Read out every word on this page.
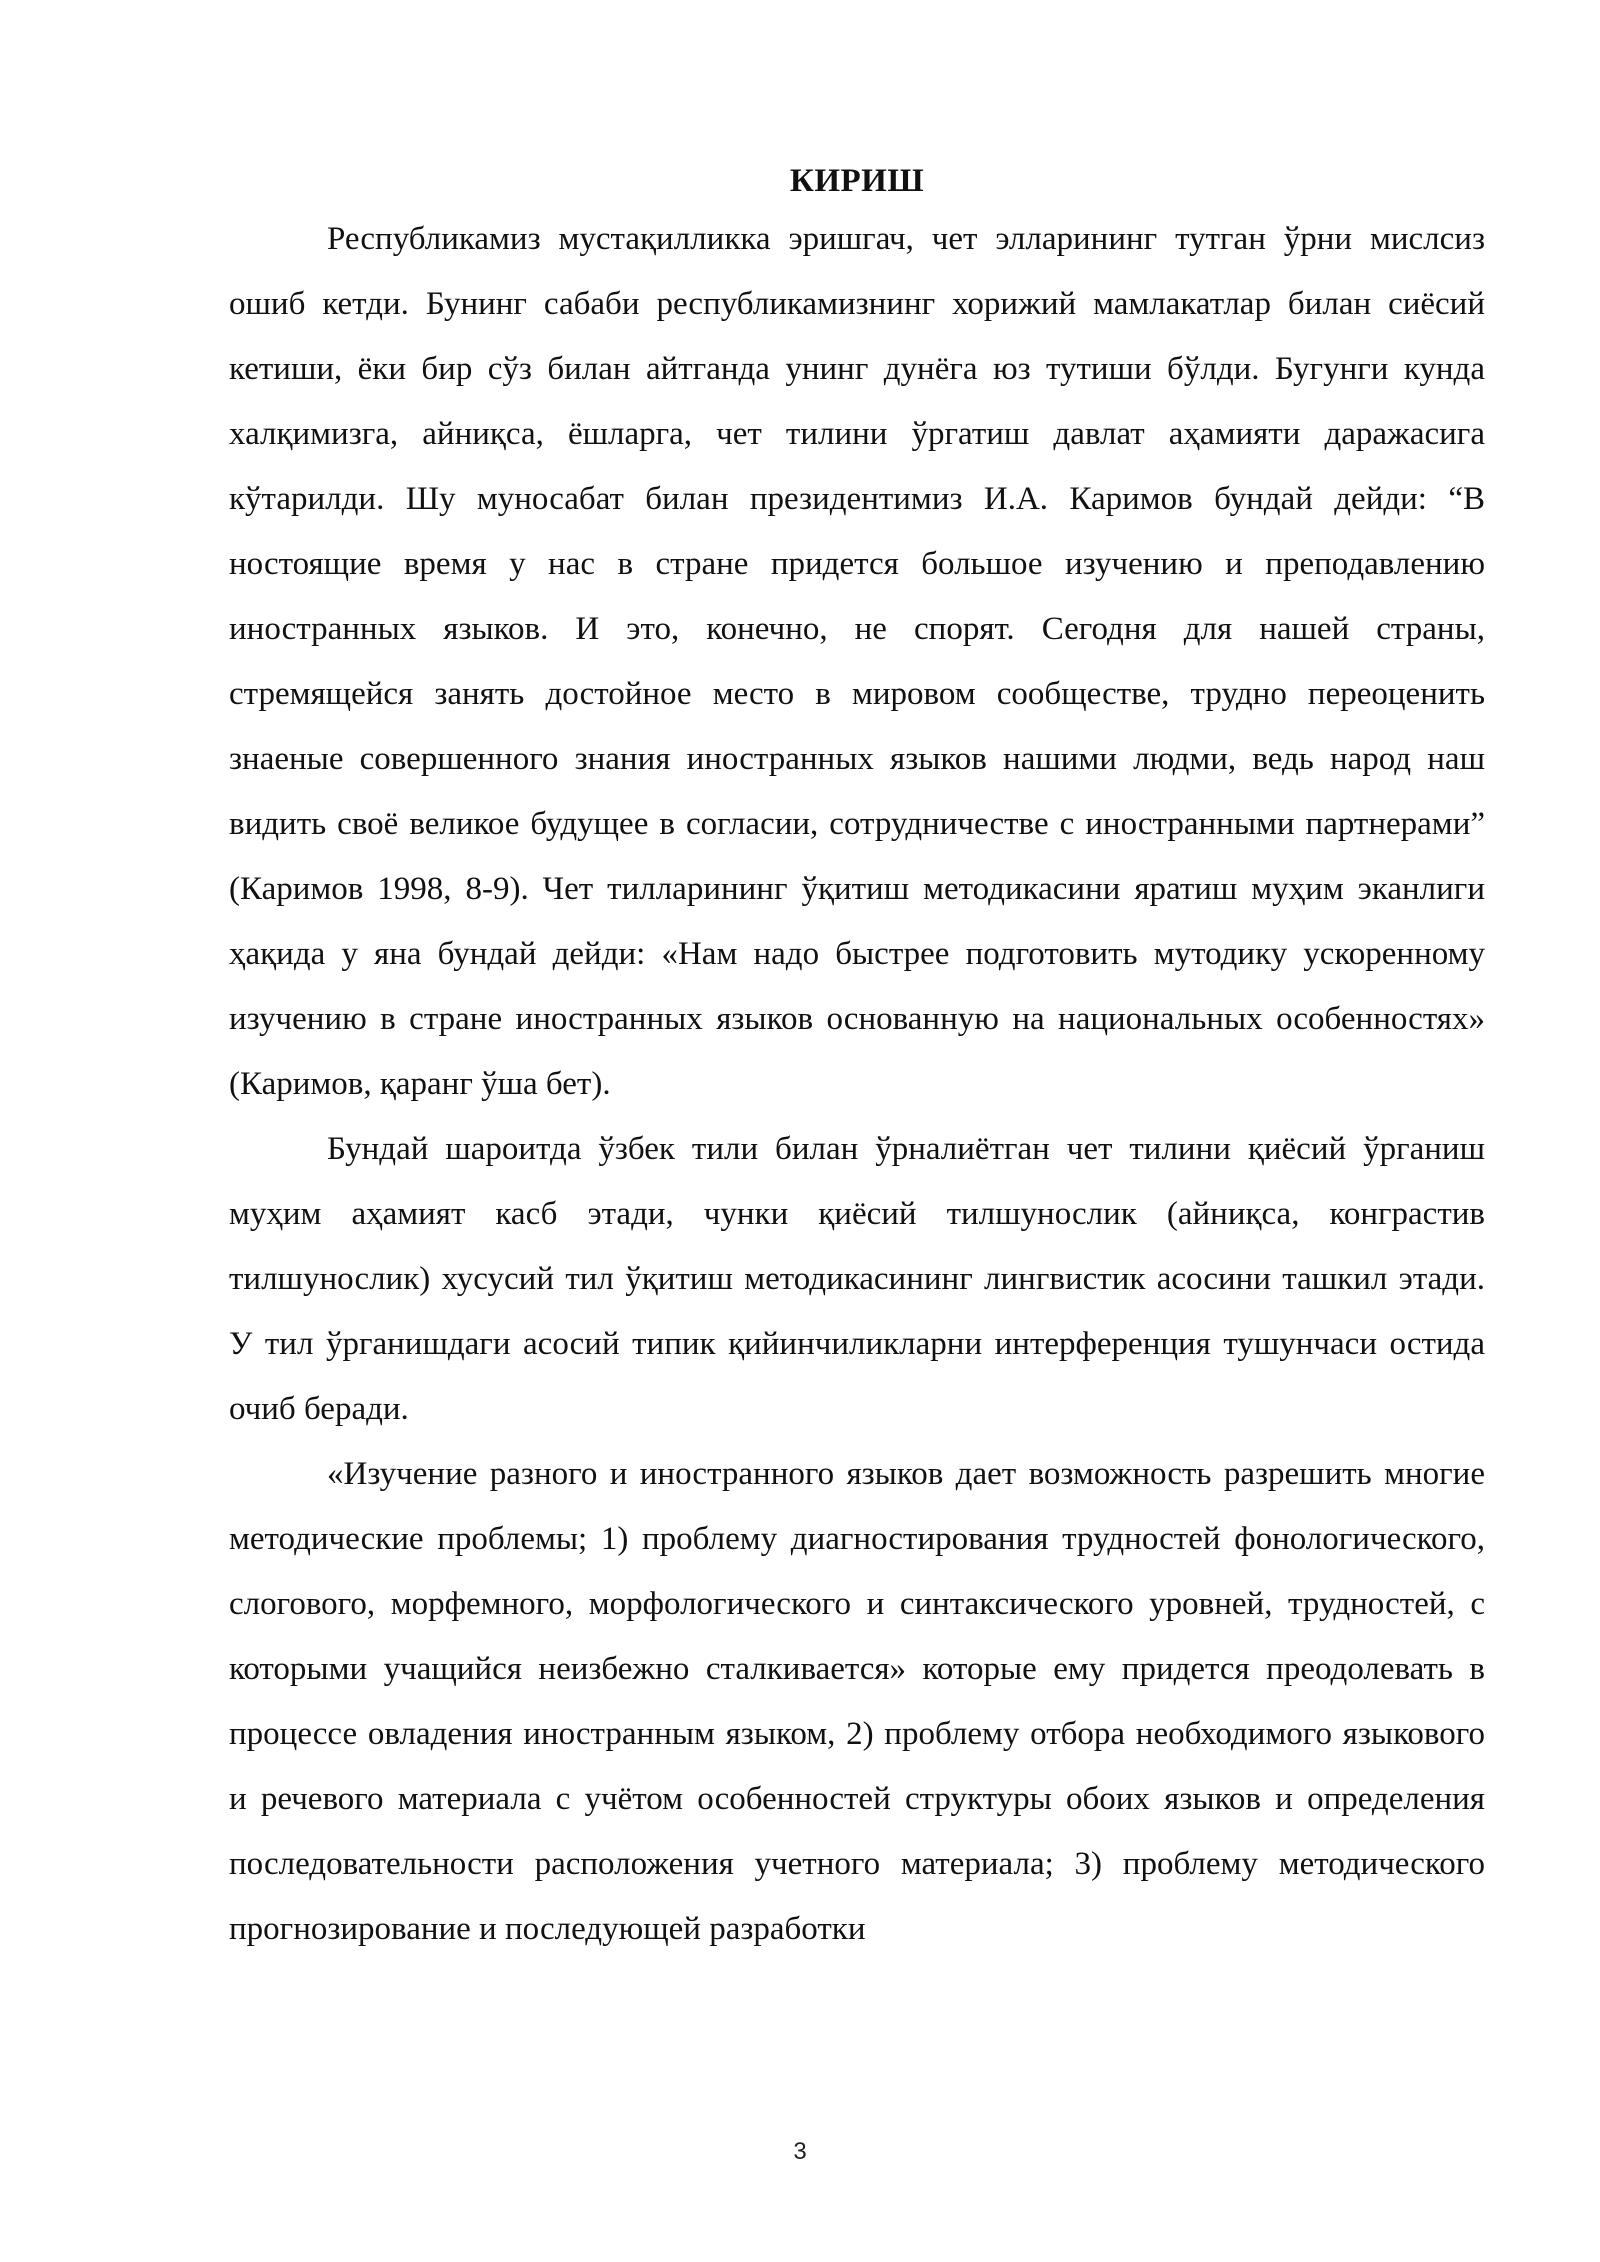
КИРИШ

Республикамиз мустақилликка эришгач, чет элларининг тутган ўрни мислсиз ошиб кетди. Бунинг сабаби республикамизнинг хорижий мамлакатлар билан сиёсий кетиши, ёки бир сўз билан айтганда унинг дунёга юз тутиши бўлди. Бугунги кунда халқимизга, айниқса, ёшларга, чет тилини ўргатиш давлат аҳамияти даражасига кўтарилди. Шу муносабат билан президентимиз И.А. Каримов бундай дейди: “В ностоящие время у нас в стране придется большое изучению и преподавлению иностранных языков. И это, конечно, не спорят. Сегодня для нашей страны, стремящейся занять достойное место в мировом сообществе, трудно переоценить знаеные совершенного знания иностранных языков нашими людми, ведь народ наш видить своё великое будущее в согласии, сотрудничестве с иностранными партнерами” (Каримов 1998, 8-9). Чет тилларининг ўқитиш методикасини яратиш муҳим эканлиги ҳақида у яна бундай дейди: «Нам надо быстрее подготовить мутодику ускоренному изучению в стране иностранных языков основанную на национальных особенностях» (Каримов, қаранг ўша бет).

Бундай шароитда ўзбек тили билан ўрналиётган чет тилини қиёсий ўрганиш муҳим аҳамият касб этади, чунки қиёсий тилшунослик (айниқса, конграстив тилшунослик) хусусий тил ўқитиш методикасининг лингвистик асосини ташкил этади. У тил ўрганишдаги асосий типик қийинчиликларни интерференция тушунчаси остида очиб беради.

«Изучение разного и иностранного языков дает возможность разрешить многие методические проблемы; 1) проблему диагностирования трудностей фонологического, слогового, морфемного, морфологического и синтаксического уровней, трудностей, с которыми учащийся неизбежно сталкивается» которые ему придется преодолевать в процессе овладения иностранным языком, 2) проблему отбора необходимого языкового и речевого материала с учётом особенностей структуры обоих языков и определения последовательности расположения учетного материала; 3) проблему методического прогнозирование и последующей разработки

3
